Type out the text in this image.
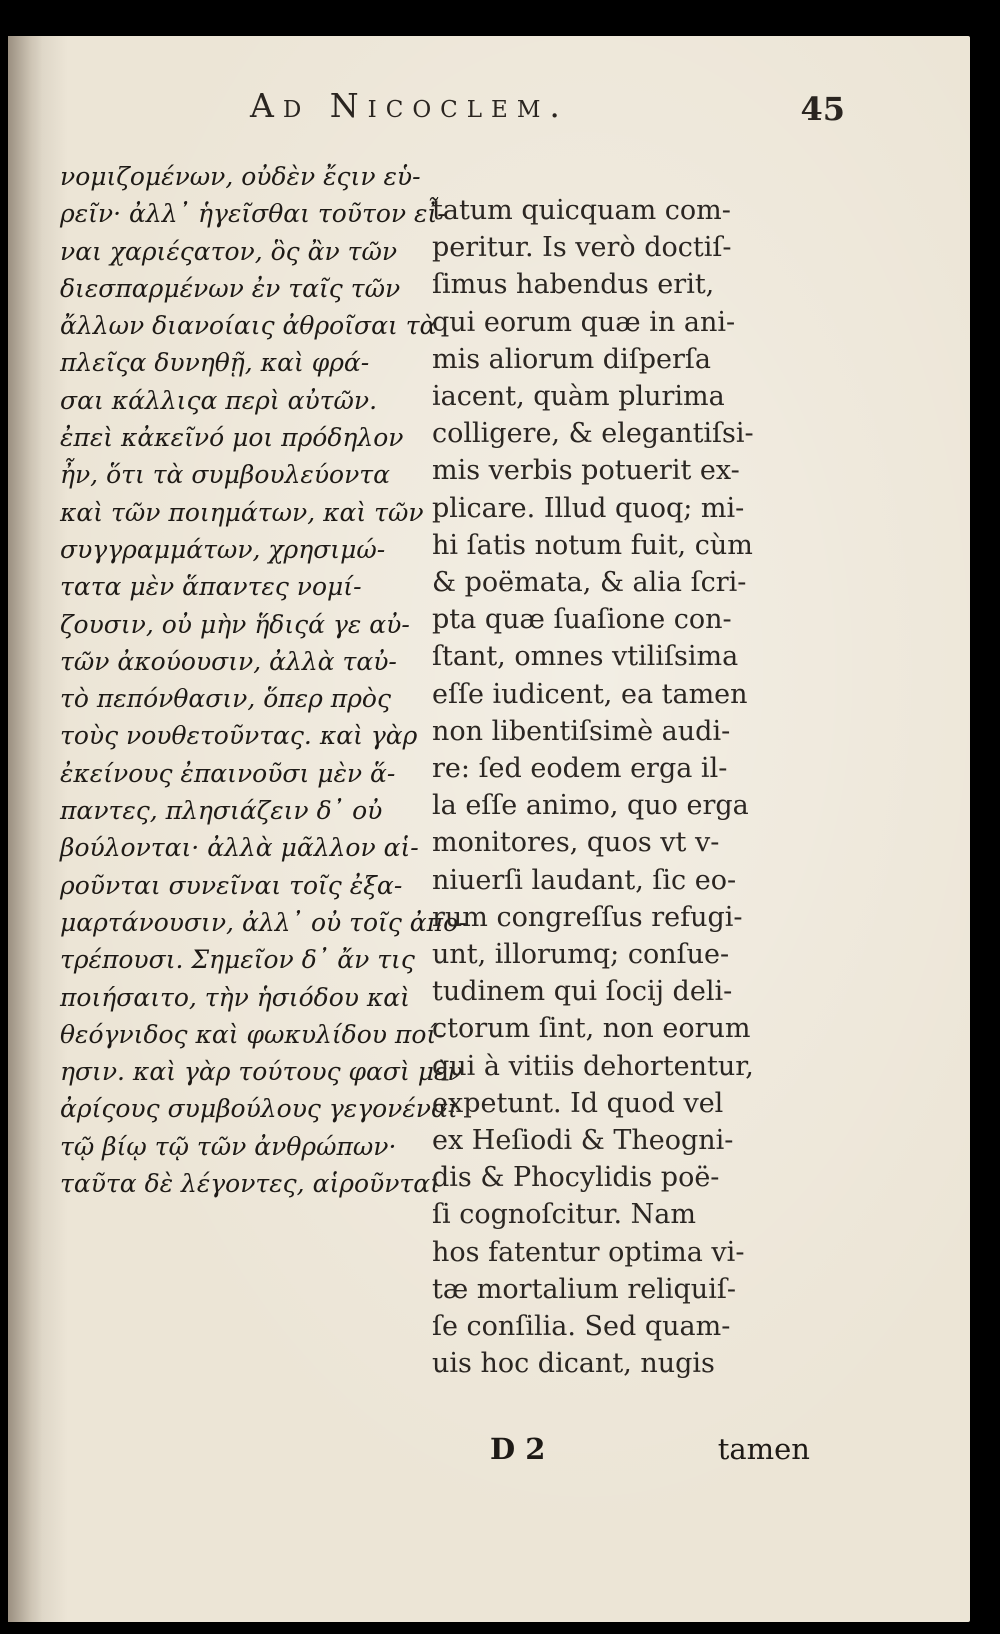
Ad Nicoclem.	45
νομιζομένων, οὐδὲν ἔςιν εὑ-
ρεῖν· ἀλλ᾽ ἡγεῖσθαι τοῦτον εἶ-
ναι χαριέςατον, ὃς ἂν τῶν
διεσπαρμένων ἐν ταῖς τῶν
ἄλλων διανοίαις ἀθροῖσαι τὰ
πλεῖςα δυνηθῇ, καὶ φρά-
σαι κάλλιςα περὶ αὐτῶν.
ἐπεὶ κἀκεῖνό μοι πρόδηλον
ἦν, ὅτι τὰ συμβουλεύοντα
καὶ τῶν ποιημάτων, καὶ τῶν
συγγραμμάτων, χρησιμώ-
τατα μὲν ἅπαντες νομί-
ζουσιν, οὐ μὴν ἥδιςά γε αὐ-
τῶν ἀκούουσιν, ἀλλὰ ταὐ-
τὸ πεπόνθασιν, ὅπερ πρὸς
τοὺς νουθετοῦντας. καὶ γὰρ
ἐκείνους ἐπαινοῦσι μὲν ἅ-
παντες, πλησιάζειν δ᾽ οὐ
βούλονται· ἀλλὰ μᾶλλον αἱ-
ροῦνται συνεῖναι τοῖς ἐξα-
μαρτάνουσιν, ἀλλ᾽ οὐ τοῖς ἀπο-
τρέπουσι. Σημεῖον δ᾽ ἄν τις
ποιήσαιτο, τὴν ἡσιόδου καὶ
θεόγνιδος καὶ φωκυλίδου ποί-
ησιν. καὶ γὰρ τούτους φασὶ μὲν
ἀρίςους συμβούλους γεγονέναι
τῷ βίῳ τῷ τῶν ἀνθρώπων·
ταῦτα δὲ λέγοντες, αἱροῦνται
tatum quicquam com-
peritur. Is verò doctiſ-
ſimus habendus erit,
qui eorum quæ in ani-
mis aliorum diſperſa
iacent, quàm plurima
colligere, & elegantiſsi-
mis verbis potuerit ex-
plicare. Illud quoq; mi-
hi ſatis notum fuit, cùm
& poëmata, & alia ſcri-
pta quæ ſuaſione con-
ſtant, omnes vtiliſsima
eſſe iudicent, ea tamen
non libentiſsimè audi-
re: ſed eodem erga il-
la eſſe animo, quo erga
monitores, quos vt v-
niuerſi laudant, ſic eo-
rum congreſſus refugi-
unt, illorumq; conſue-
tudinem qui ſocij deli-
ctorum ſint, non eorum
qui à vitiis dehortentur,
expetunt. Id quod vel
ex Heſiodi & Theogni-
dis & Phocylidis poë-
ſi cognoſcitur. Nam
hos fatentur optima vi-
tæ mortalium reliquiſ-
ſe conſilia. Sed quam-
uis hoc dicant, nugis
D 2	tamen
